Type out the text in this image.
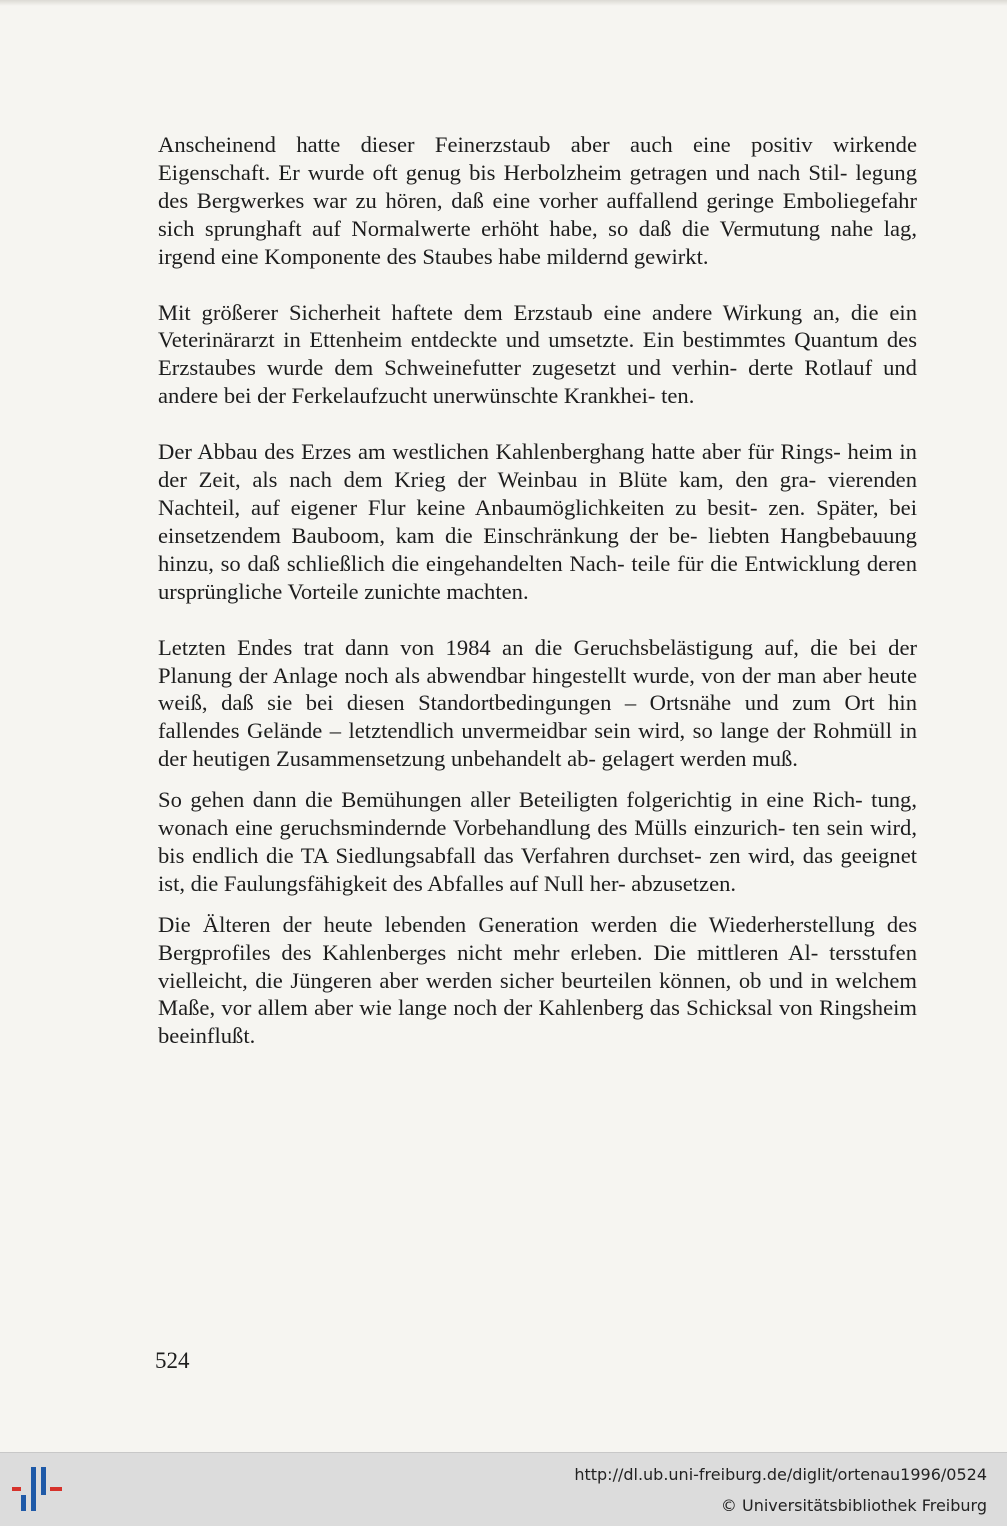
Anscheinend hatte dieser Feinerzstaub aber auch eine positiv wirkende Eigenschaft. Er wurde oft genug bis Herbolzheim getragen und nach Stil- legung des Bergwerkes war zu hören, daß eine vorher auffallend geringe Emboliegefahr sich sprunghaft auf Normalwerte erhöht habe, so daß die Vermutung nahe lag, irgend eine Komponente des Staubes habe mildernd gewirkt.

Mit größerer Sicherheit haftete dem Erzstaub eine andere Wirkung an, die ein Veterinärarzt in Ettenheim entdeckte und umsetzte. Ein bestimmtes Quantum des Erzstaubes wurde dem Schweinefutter zugesetzt und verhin- derte Rotlauf und andere bei der Ferkelaufzucht unerwünschte Krankhei- ten.

Der Abbau des Erzes am westlichen Kahlenberghang hatte aber für Rings- heim in der Zeit, als nach dem Krieg der Weinbau in Blüte kam, den gra- vierenden Nachteil, auf eigener Flur keine Anbaumöglichkeiten zu besit- zen. Später, bei einsetzendem Bauboom, kam die Einschränkung der be- liebten Hangbebauung hinzu, so daß schließlich die eingehandelten Nach- teile für die Entwicklung deren ursprüngliche Vorteile zunichte machten.

Letzten Endes trat dann von 1984 an die Geruchsbelästigung auf, die bei der Planung der Anlage noch als abwendbar hingestellt wurde, von der man aber heute weiß, daß sie bei diesen Standortbedingungen – Ortsnähe und zum Ort hin fallendes Gelände – letztendlich unvermeidbar sein wird, so lange der Rohmüll in der heutigen Zusammensetzung unbehandelt ab- gelagert werden muß.

So gehen dann die Bemühungen aller Beteiligten folgerichtig in eine Rich- tung, wonach eine geruchsmindernde Vorbehandlung des Mülls einzurich- ten sein wird, bis endlich die TA Siedlungsabfall das Verfahren durchset- zen wird, das geeignet ist, die Faulungsfähigkeit des Abfalles auf Null her- abzusetzen.

Die Älteren der heute lebenden Generation werden die Wiederherstellung des Bergprofiles des Kahlenberges nicht mehr erleben. Die mittleren Al- tersstufen vielleicht, die Jüngeren aber werden sicher beurteilen können, ob und in welchem Maße, vor allem aber wie lange noch der Kahlenberg das Schicksal von Ringsheim beeinflußt.

524
http://dl.ub.uni-freiburg.de/diglit/ortenau1996/0524
© Universitätsbibliothek Freiburg
